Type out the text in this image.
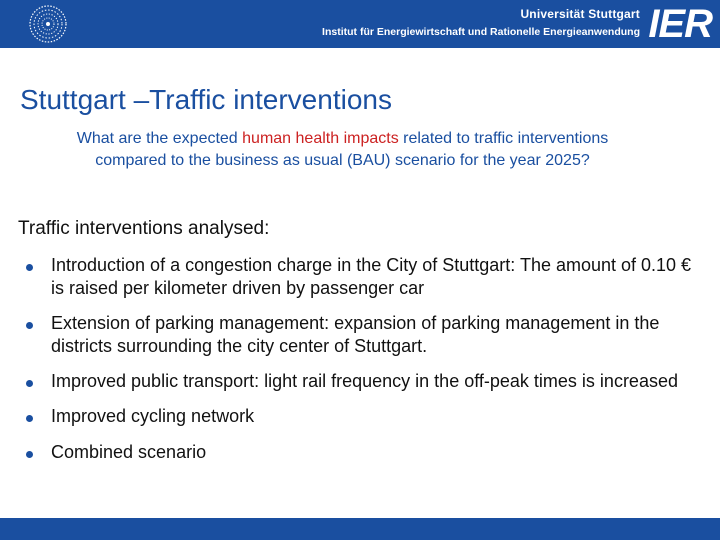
Universität Stuttgart
Institut für Energiewirtschaft und Rationelle Energieanwendung IER
Stuttgart –Traffic interventions
What are the expected human health impacts related to traffic interventions compared to the business as usual (BAU) scenario for the year 2025?
Traffic interventions analysed:
Introduction of a congestion charge in the City of Stuttgart: The amount of 0.10 € is raised per kilometer driven by passenger car
Extension of parking management: expansion of parking management in the districts surrounding the city center of Stuttgart.
Improved public transport: light rail frequency in the off-peak times is increased
Improved cycling network
Combined scenario
